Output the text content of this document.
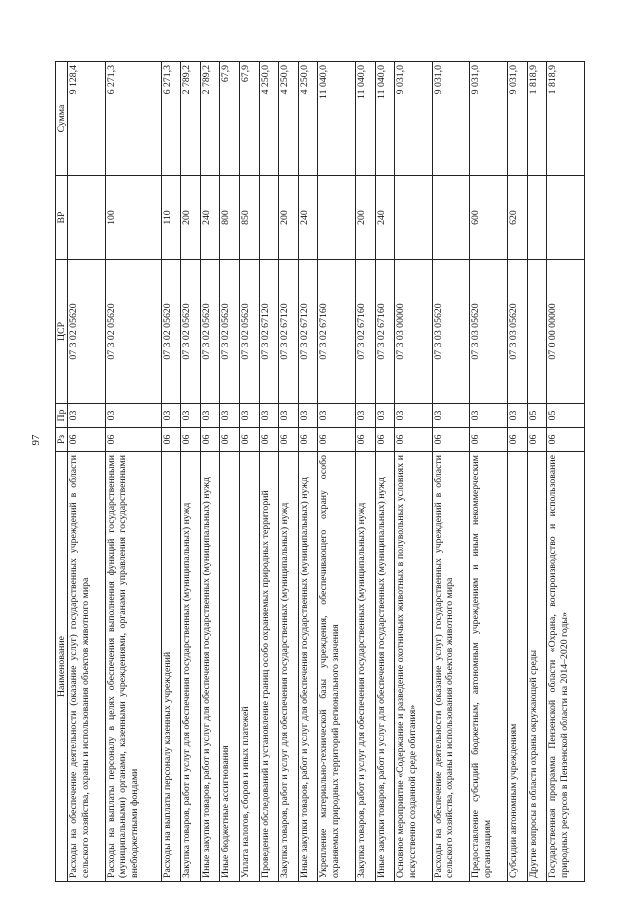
97
Наименование	Рз	Пр	ЦСР	ВР	Сумма
Расходы на обеспечение деятельности (оказание услуг) государственных учреждений в области сельского хозяйства, охраны и использования объектов животного мира	06	03	07 3 02 05620		9 128,4
Расходы на выплаты персоналу в целях обеспечения выполнения функций государственными (муниципальными) органами, казенными учреждениями, органами управления государственными внебюджетными фондами	06	03	07 3 02 05620	100	6 271,3
Расходы на выплаты персоналу казенных учреждений	06	03	07 3 02 05620	110	6 271,3
Закупка товаров, работ и услуг для обеспечения государственных (муниципальных) нужд	06	03	07 3 02 05620	200	2 789,2
Иные закупки товаров, работ и услуг для обеспечения государственных (муниципальных) нужд	06	03	07 3 02 05620	240	2 789,2
Иные бюджетные ассигнования	06	03	07 3 02 05620	800	67,9
Уплата налогов, сборов и иных платежей	06	03	07 3 02 05620	850	67,9
Проведение обследований и установление границ особо охраняемых природных территорий	06	03	07 3 02 67120		4 250,0
Закупка товаров, работ и услуг для обеспечения государственных (муниципальных) нужд	06	03	07 3 02 67120	200	4 250,0
Иные закупки товаров, работ и услуг для обеспечения государственных (муниципальных) нужд	06	03	07 3 02 67120	240	4 250,0
Укрепление материально-технической базы учреждения, обеспечивающего охрану особо охраняемых природных территорий регионального значения	06	03	07 3 02 67160		11 040,0
Закупка товаров, работ и услуг для обеспечения государственных (муниципальных) нужд	06	03	07 3 02 67160	200	11 040,0
Иные закупки товаров, работ и услуг для обеспечения государственных (муниципальных) нужд	06	03	07 3 02 67160	240	11 040,0
Основное мероприятие «Содержание и разведение охотничьих животных в полувольных условиях и искусственно созданной среде обитания»	06	03	07 3 03 00000		9 031,0
Расходы на обеспечение деятельности (оказание услуг) государственных учреждений в области сельского хозяйства, охраны и использования объектов животного мира	06	03	07 3 03 05620		9 031,0
Предоставление субсидий бюджетным, автономным учреждениям и иным некоммерческим организациям	06	03	07 3 03 05620	600	9 031,0
Субсидии автономным учреждениям	06	03	07 3 03 05620	620	9 031,0
Другие вопросы в области охраны окружающей среды	06	05			1 818,9
Государственная программа Пензенской области «Охрана, воспроизводство и использование природных ресурсов в Пензенской области на 2014–2020 годы»	06	05	07 0 00 00000		1 818,9
